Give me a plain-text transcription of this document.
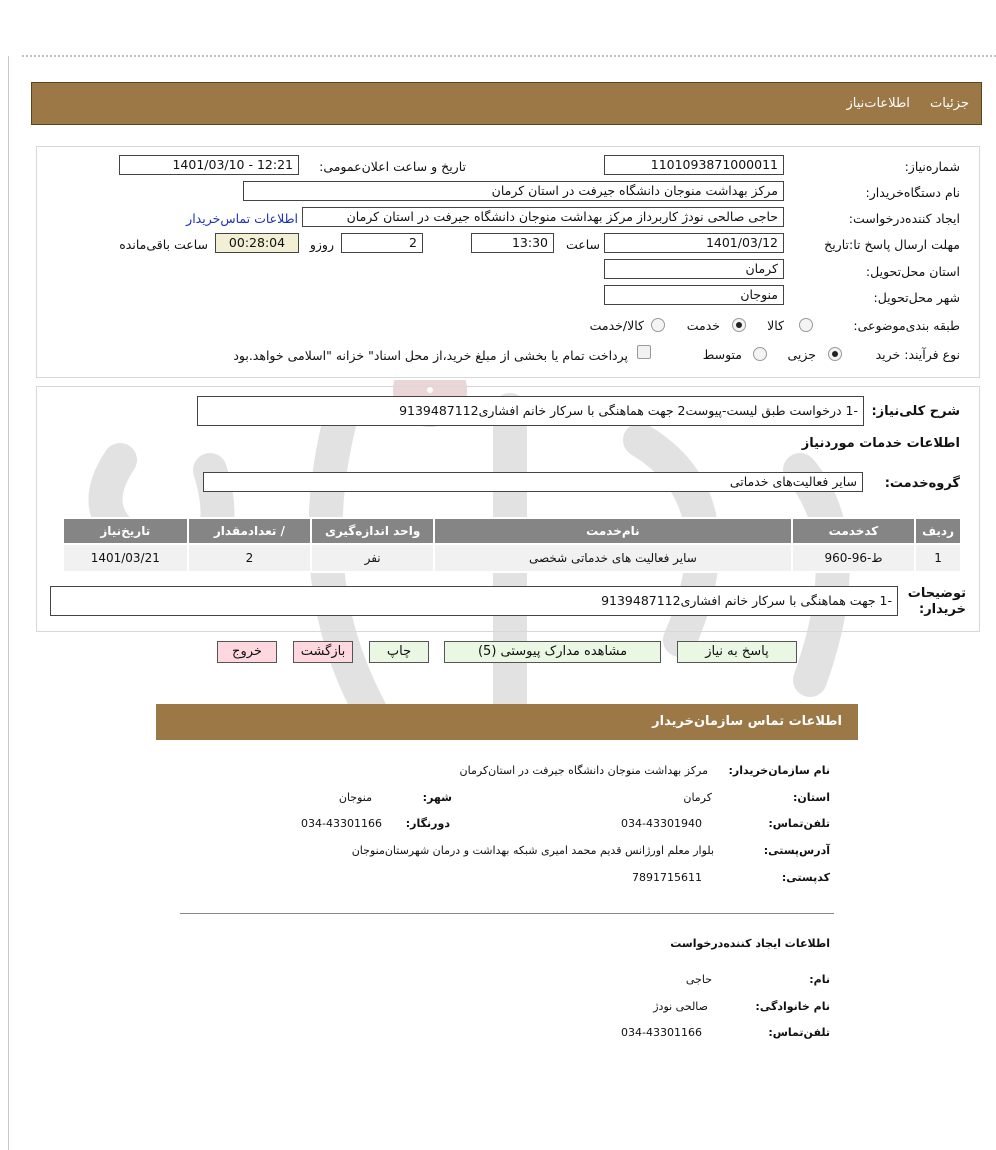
جزئیات اطلاعات‌نیاز
شماره‌نیاز:
1101093871000011
تاریخ و ساعت اعلان‌عمومی:
1401/03/10 - 12:21
نام دستگاه‌خریدار:
مرکز بهداشت منوجان دانشگاه جیرفت در استان کرمان
ایجاد کننده‌درخواست:
حاجی صالحی نودژ کاربرداز مرکز بهداشت منوجان دانشگاه جیرفت در استان کرمان
اطلاعات تماس‌خریدار
مهلت ارسال پاسخ تا:تاریخ
1401/03/12
ساعت
13:30
2
روزو
00:28:04
ساعت باقی‌مانده
استان محل‌تحویل:
کرمان
شهر محل‌تحویل:
منوجان
طبقه بندی‌موضوعی:
کالا
خدمت
کالا/خدمت
نوع فرآیند: خرید
جزیی
متوسط
پرداخت تمام یا بخشی از مبلغ خرید،از محل اسناد" خزانه "اسلامی خواهد.بود
شرح کلی‌نیاز:
-1 درخواست طبق لیست-پیوست2 جهت هماهنگی با سرکار خانم افشاری9139487112
اطلاعات خدمات موردنیاز
گروه‌خدمت:
سایر فعالیت‌های خدماتی
ردیف	کدخدمت	نام‌خدمت	واحد اندازه‌گیری	/ تعدادمقدار	تاریخ‌نیاز
1	ط-96-960	سایر فعالیت های خدماتی شخصی	نفر	2	1401/03/21
توضیحات خریدار:
-1 جهت هماهنگی با سرکار خانم افشاری9139487112
پاسخ به نیاز
مشاهده مدارک پیوستی (5)
چاپ
بازگشت
خروج
اطلاعات تماس سازمان‌خریدار
نام سازمان‌خریدار:
مرکز بهداشت منوجان دانشگاه جیرفت در استان‌کرمان
استان:
کرمان
شهر:
منوجان
تلفن‌تماس:
034-43301940
دورنگار:
034-43301166
آدرس‌پستی:
بلوار معلم اورژانس قدیم محمد امیری شبکه بهداشت و درمان شهرستان‌منوجان
کد‌پستی:
7891715611
اطلاعات ایجاد کننده‌درخواست
نام:
حاجی
نام خانوادگی:
صالحی نودژ
تلفن‌تماس:
034-43301166
